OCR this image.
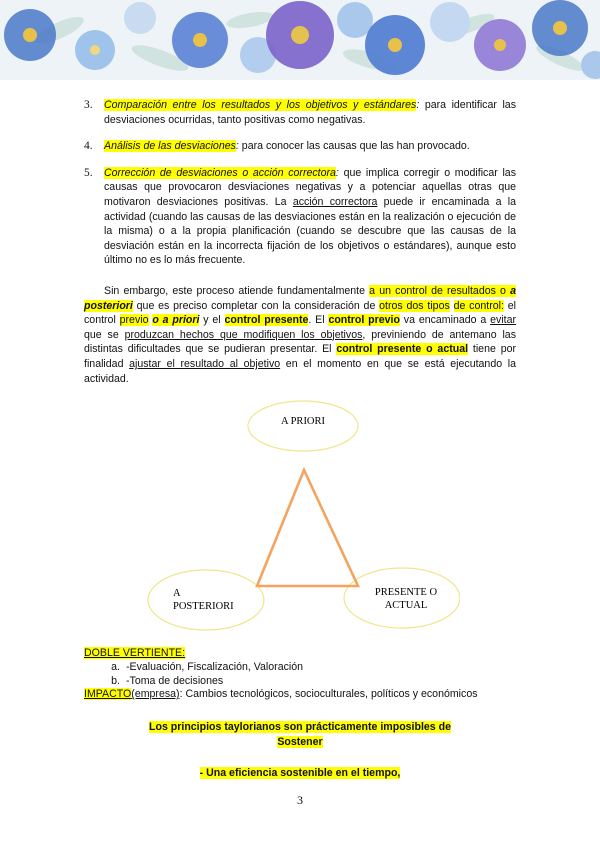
3. Comparación entre los resultados y los objetivos y estándares: para identificar las desviaciones ocurridas, tanto positivas como negativas.
4. Análisis de las desviaciones: para conocer las causas que las han provocado.
5. Corrección de desviaciones o acción correctora: que implica corregir o modificar las causas que provocaron desviaciones negativas y a potenciar aquellas otras que motivaron desviaciones positivas. La acción correctora puede ir encaminada a la actividad (cuando las causas de las desviaciones están en la realización o ejecución de la misma) o a la propia planificación (cuando se descubre que las causas de la desviación están en la incorrecta fijación de los objetivos o estándares), aunque esto último no es lo más frecuente.

Sin embargo, este proceso atiende fundamentalmente a un control de resultados o a posteriori que es preciso completar con la consideración de otros dos tipos de control: el control previo o a priori y el control presente. El control previo va encaminado a evitar que se produzcan hechos que modifiquen los objetivos, previniendo de antemano las distintas dificultades que se pudieran presentar. El control presente o actual tiene por finalidad ajustar el resultado al objetivo en el momento en que se está ejecutando la actividad.

A PRIORI
A
POSTERIORI
PRESENTE O
ACTUAL
DOBLE VERTIENTE:
a. -Evaluación, Fiscalización, Valoración
b. -Toma de decisiones
IMPACTO(empresa): Cambios tecnológicos, socioculturales, políticos y económicos
Los principios taylorianos son prácticamente imposibles de
Sostener
- Una eficiencia sostenible en el tiempo,
3
